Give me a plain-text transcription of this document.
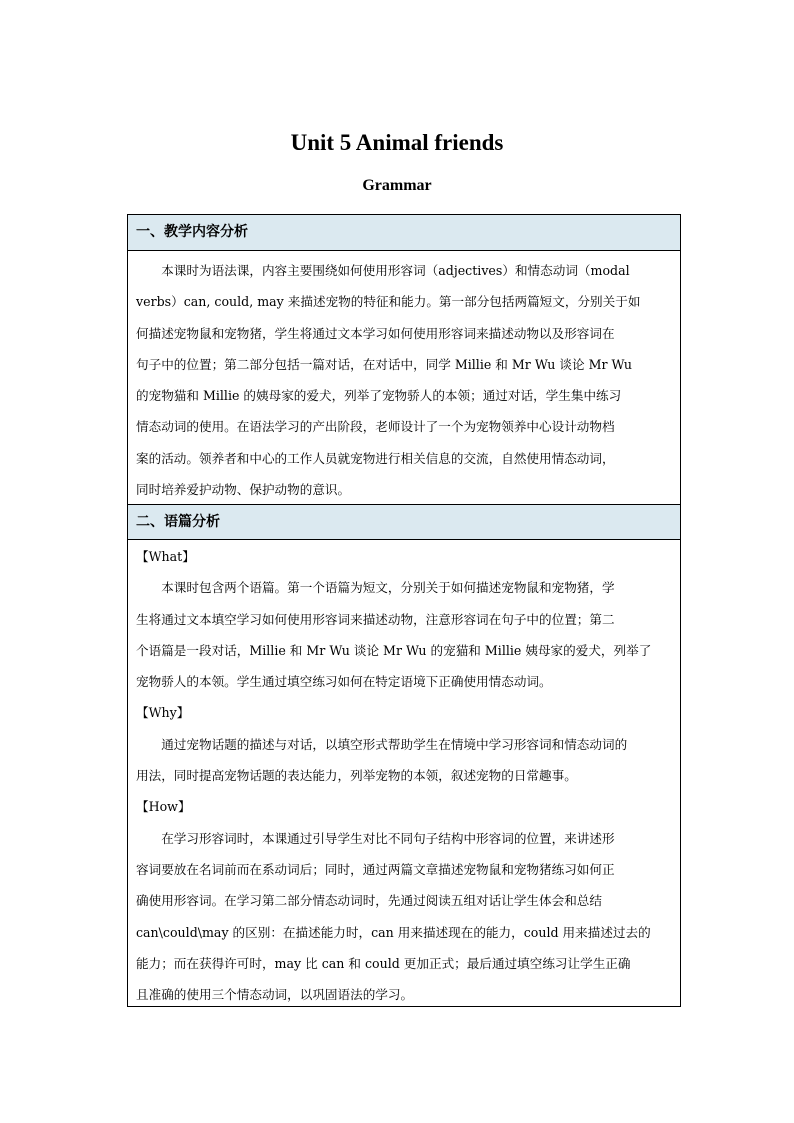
Unit 5 Animal friends
Grammar
一、教学内容分析

本课时为语法课，内容主要围绕如何使用形容词（adjectives）和情态动词（modal
verbs）can, could, may 来描述宠物的特征和能力。第一部分包括两篇短文，分别关于如
何描述宠物鼠和宠物猪，学生将通过文本学习如何使用形容词来描述动物以及形容词在
句子中的位置；第二部分包括一篇对话，在对话中，同学 Millie 和 Mr Wu 谈论 Mr Wu
的宠物猫和 Millie 的姨母家的爱犬，列举了宠物骄人的本领；通过对话，学生集中练习
情态动词的使用。在语法学习的产出阶段，老师设计了一个为宠物领养中心设计动物档
案的活动。领养者和中心的工作人员就宠物进行相关信息的交流，自然使用情态动词，
同时培养爱护动物、保护动物的意识。

二、语篇分析
【What】
本课时包含两个语篇。第一个语篇为短文，分别关于如何描述宠物鼠和宠物猪，学
生将通过文本填空学习如何使用形容词来描述动物，注意形容词在句子中的位置；第二
个语篇是一段对话，Millie 和 Mr Wu 谈论 Mr Wu 的宠猫和 Millie 姨母家的爱犬，列举了
宠物骄人的本领。学生通过填空练习如何在特定语境下正确使用情态动词。
【Why】
通过宠物话题的描述与对话，以填空形式帮助学生在情境中学习形容词和情态动词的
用法，同时提高宠物话题的表达能力，列举宠物的本领，叙述宠物的日常趣事。
【How】
在学习形容词时，本课通过引导学生对比不同句子结构中形容词的位置，来讲述形
容词要放在名词前而在系动词后；同时，通过两篇文章描述宠物鼠和宠物猪练习如何正
确使用形容词。在学习第二部分情态动词时，先通过阅读五组对话让学生体会和总结
can\could\may 的区别：在描述能力时，can 用来描述现在的能力，could 用来描述过去的
能力；而在获得许可时，may 比 can 和 could 更加正式；最后通过填空练习让学生正确
且准确的使用三个情态动词，以巩固语法的学习。
